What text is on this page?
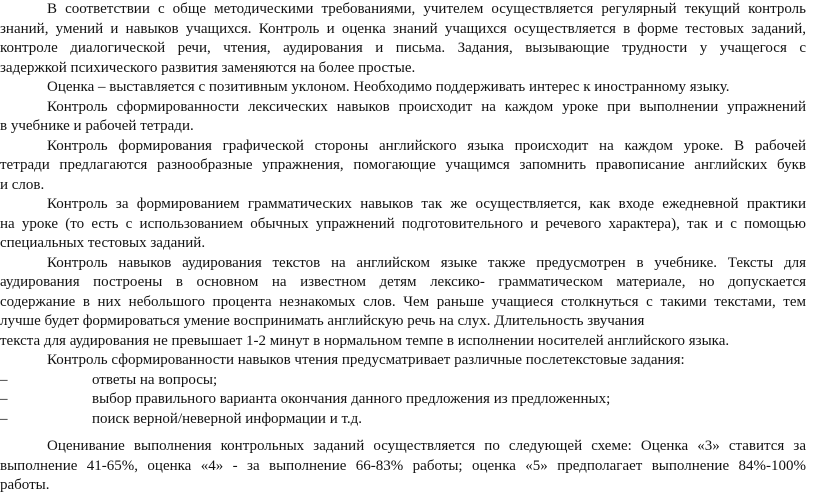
В соответствии с обще методическими требованиями, учителем осуществляется регулярный текущий контроль
знаний, умений и навыков учащихся. Контроль и оценка знаний учащихся осуществляется в форме тестовых заданий,
контроле диалогической речи, чтения, аудирования и письма. Задания, вызывающие трудности у учащегося с
задержкой психического развития заменяются на более простые.
Оценка – выставляется с позитивным уклоном. Необходимо поддерживать интерес к иностранному языку.
Контроль сформированности лексических навыков происходит на каждом уроке при выполнении упражнений
в учебнике и рабочей тетради.
Контроль формирования графической стороны английского языка происходит на каждом уроке. В рабочей
тетради предлагаются разнообразные упражнения, помогающие учащимся запомнить правописание английских букв
и слов.
Контроль за формированием грамматических навыков так же осуществляется, как входе ежедневной практики
на уроке (то есть с использованием обычных упражнений подготовительного и речевого характера), так и с помощью
специальных тестовых заданий.
Контроль навыков аудирования текстов на английском языке также предусмотрен в учебнике. Тексты для
аудирования построены в основном на известном детям лексико- грамматическом материале, но допускается
содержание в них небольшого процента незнакомых слов. Чем раньше учащиеся столкнуться с такими текстами, тем
лучше будет формироваться умение воспринимать английскую речь на слух. Длительность звучания
текста для аудирования не превышает 1-2 минут в нормальном темпе в исполнении носителей английского языка.
Контроль сформированности навыков чтения предусматривает различные послетекстовые задания:
–	ответы на вопросы;
–	выбор правильного варианта окончания данного предложения из предложенных;
–	поиск верной/неверной информации и т.д.
Оценивание выполнения контрольных заданий осуществляется по следующей схеме: Оценка «3» ставится за
выполнение 41-65%, оценка «4» - за выполнение 66-83% работы; оценка «5» предполагает выполнение 84%-100%
работы.
